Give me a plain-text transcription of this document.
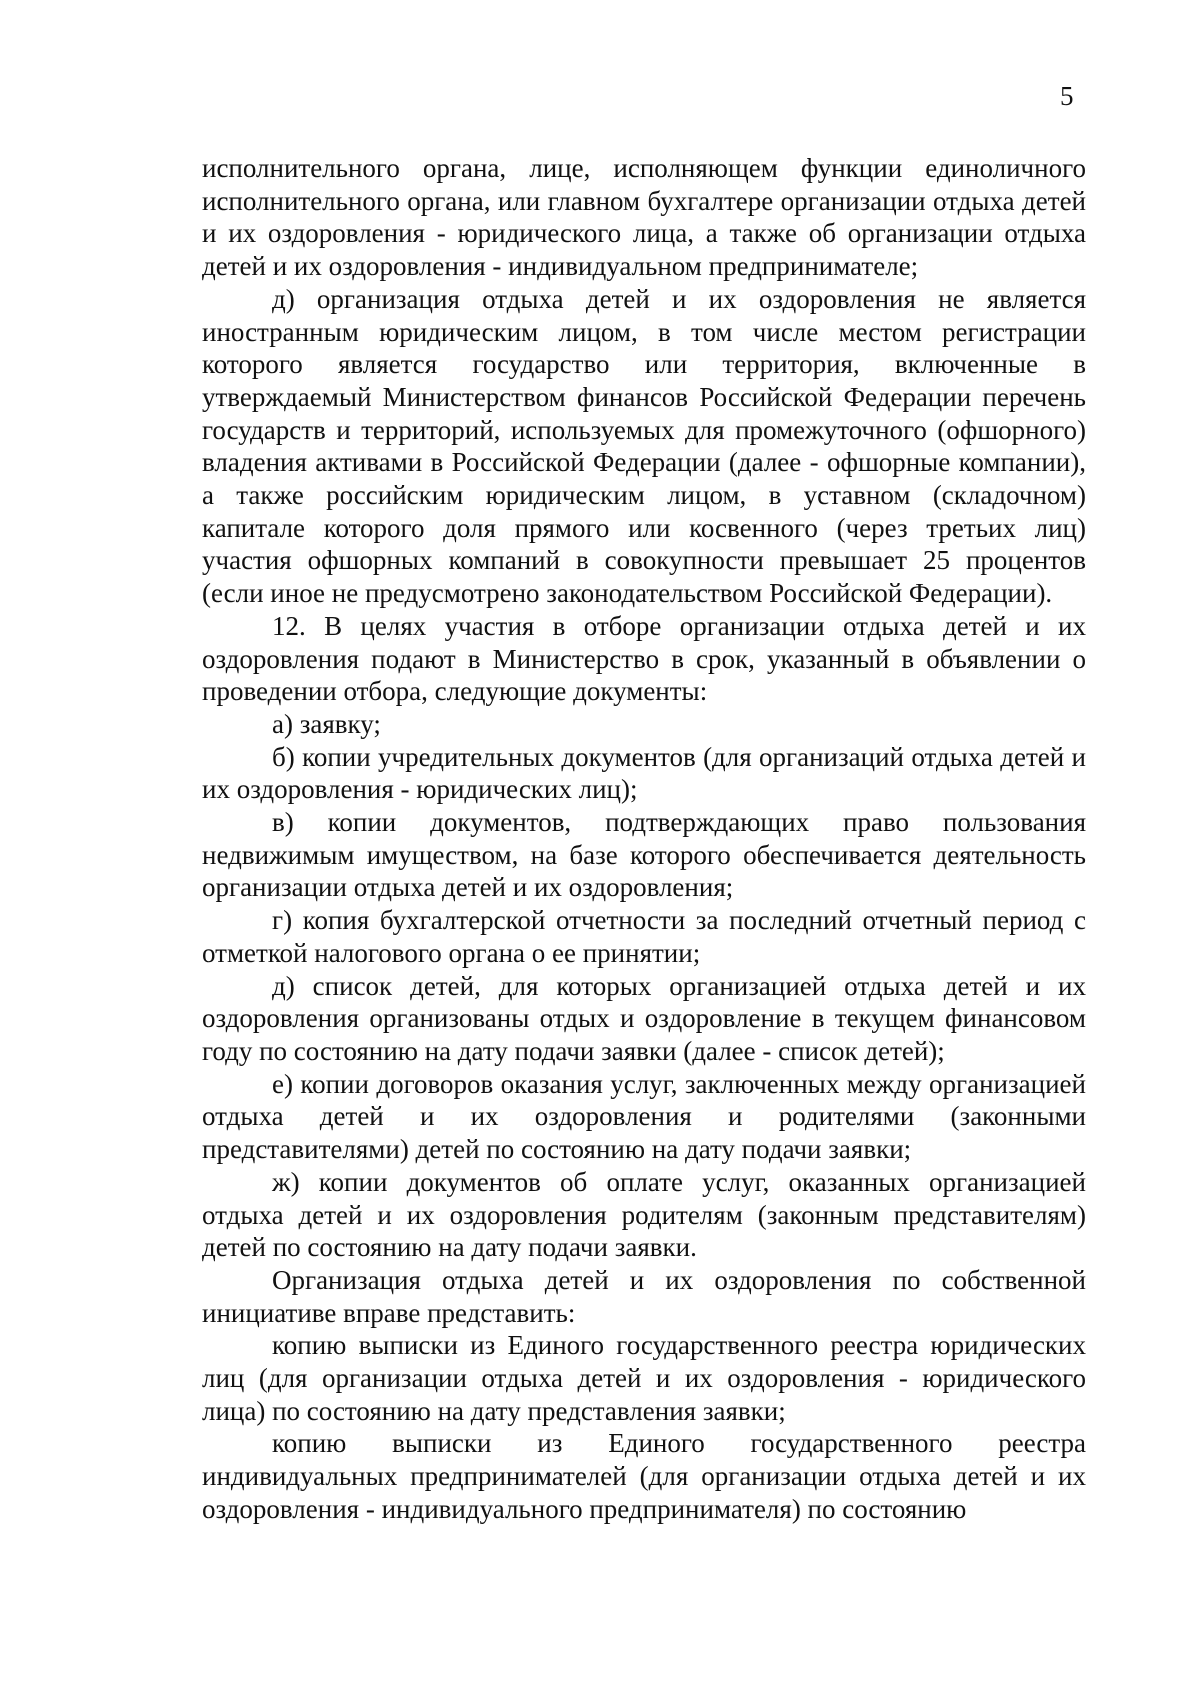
5

исполнительного органа, лице, исполняющем функции единоличного исполнительного органа, или главном бухгалтере организации отдыха детей и их оздоровления - юридического лица, а также об организации отдыха детей и их оздоровления - индивидуальном предпринимателе;

д) организация отдыха детей и их оздоровления не является иностранным юридическим лицом, в том числе местом регистрации которого является государство или территория, включенные в утверждаемый Министерством финансов Российской Федерации перечень государств и территорий, используемых для промежуточного (офшорного) владения активами в Российской Федерации (далее - офшорные компании), а также российским юридическим лицом, в уставном (складочном) капитале которого доля прямого или косвенного (через третьих лиц) участия офшорных компаний в совокупности превышает 25 процентов (если иное не предусмотрено законодательством Российской Федерации).

12. В целях участия в отборе организации отдыха детей и их оздоровления подают в Министерство в срок, указанный в объявлении о проведении отбора, следующие документы:

а) заявку;

б) копии учредительных документов (для организаций отдыха детей и их оздоровления - юридических лиц);

в) копии документов, подтверждающих право пользования недвижимым имуществом, на базе которого обеспечивается деятельность организации отдыха детей и их оздоровления;

г) копия бухгалтерской отчетности за последний отчетный период с отметкой налогового органа о ее принятии;

д) список детей, для которых организацией отдыха детей и их оздоровления организованы отдых и оздоровление в текущем финансовом году по состоянию на дату подачи заявки (далее - список детей);

е) копии договоров оказания услуг, заключенных между организацией отдыха детей и их оздоровления и родителями (законными представителями) детей по состоянию на дату подачи заявки;

ж) копии документов об оплате услуг, оказанных организацией отдыха детей и их оздоровления родителям (законным представителям) детей по состоянию на дату подачи заявки.

Организация отдыха детей и их оздоровления по собственной инициативе вправе представить:

копию выписки из Единого государственного реестра юридических лиц (для организации отдыха детей и их оздоровления - юридического лица) по состоянию на дату представления заявки;

копию выписки из Единого государственного реестра индивидуальных предпринимателей (для организации отдыха детей и их оздоровления - индивидуального предпринимателя) по состоянию
